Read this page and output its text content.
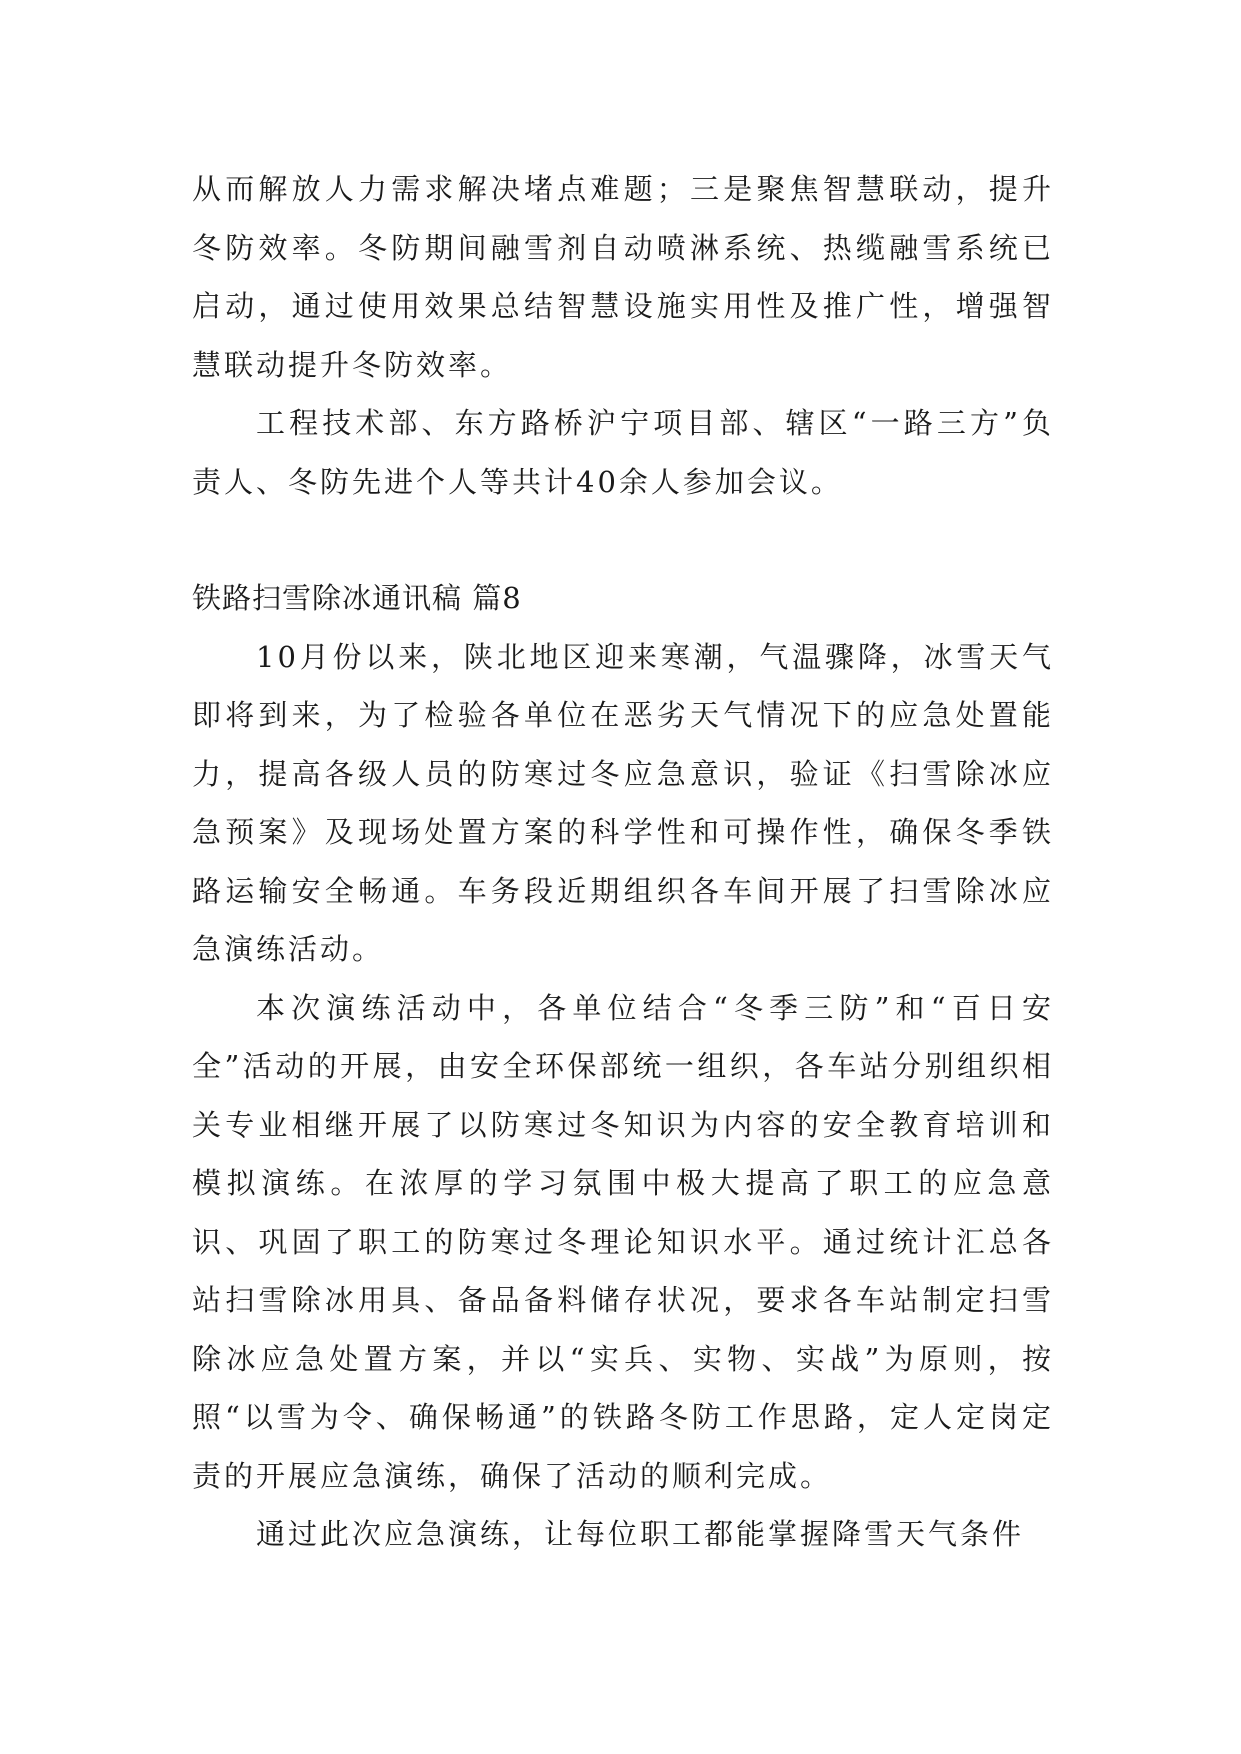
从而解放人力需求解决堵点难题；三是聚焦智慧联动，提升冬防效率。冬防期间融雪剂自动喷淋系统、热缆融雪系统已启动，通过使用效果总结智慧设施实用性及推广性，增强智慧联动提升冬防效率。

工程技术部、东方路桥沪宁项目部、辖区“一路三方”负责人、冬防先进个人等共计40余人参加会议。

铁路扫雪除冰通讯稿 篇8

10月份以来，陕北地区迎来寒潮，气温骤降，冰雪天气即将到来，为了检验各单位在恶劣天气情况下的应急处置能力，提高各级人员的防寒过冬应急意识，验证《扫雪除冰应急预案》及现场处置方案的科学性和可操作性，确保冬季铁路运输安全畅通。车务段近期组织各车间开展了扫雪除冰应急演练活动。

本次演练活动中，各单位结合“冬季三防”和“百日安全”活动的开展，由安全环保部统一组织，各车站分别组织相关专业相继开展了以防寒过冬知识为内容的安全教育培训和模拟演练。在浓厚的学习氛围中极大提高了职工的应急意识、巩固了职工的防寒过冬理论知识水平。通过统计汇总各站扫雪除冰用具、备品备料储存状况，要求各车站制定扫雪除冰应急处置方案，并以“实兵、实物、实战”为原则，按照“以雪为令、确保畅通”的铁路冬防工作思路，定人定岗定责的开展应急演练，确保了活动的顺利完成。

通过此次应急演练，让每位职工都能掌握降雪天气条件
